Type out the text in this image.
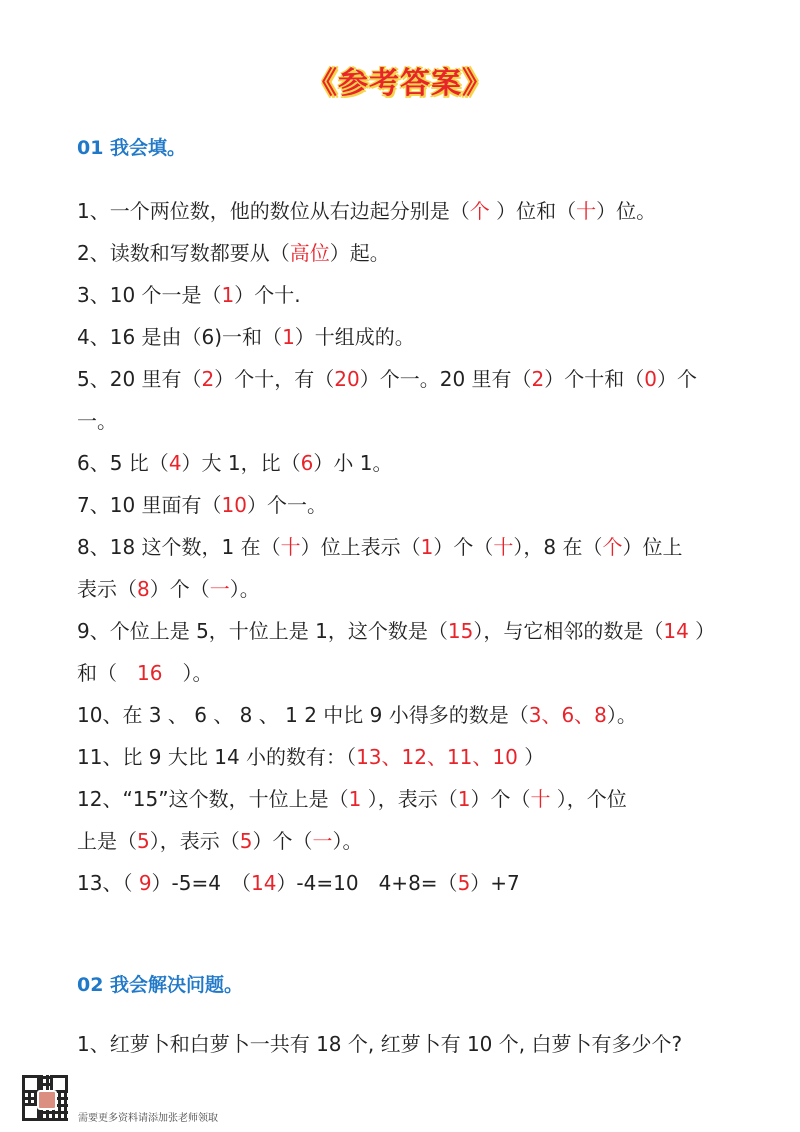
《参考答案》
01 我会填。
1、一个两位数，他的数位从右边起分别是（个 ）位和（十）位。
2、读数和写数都要从（高位）起。
3、10 个一是（1）个十.
4、16 是由（6)一和（1）十组成的。
5、20 里有（2）个十，有（20）个一。20 里有（2）个十和（0）个
一。
6、5 比（4）大 1，比（6）小 1。
7、10 里面有（10）个一。
8、18 这个数，1 在（十）位上表示（1）个（十），8 在（个）位上
表示（8）个（一）。
9、个位上是 5，十位上是 1，这个数是（15），与它相邻的数是（14 ）
和（　16　）。
10、在 3 、 6 、 8 、 1 2 中比 9 小得多的数是（3、6、8）。
11、比 9 大比 14 小的数有：（13、12、11、10 ）
12、“15”这个数，十位上是（1 ），表示（1）个（十 ），个位
上是（5），表示（5）个（一）。
13、（ 9）-5=4　（14）-4=10　4+8=（5）+7
02 我会解决问题。
1、红萝卜和白萝卜一共有 18 个, 红萝卜有 10 个, 白萝卜有多少个?
需要更多资料请添加张老师领取
